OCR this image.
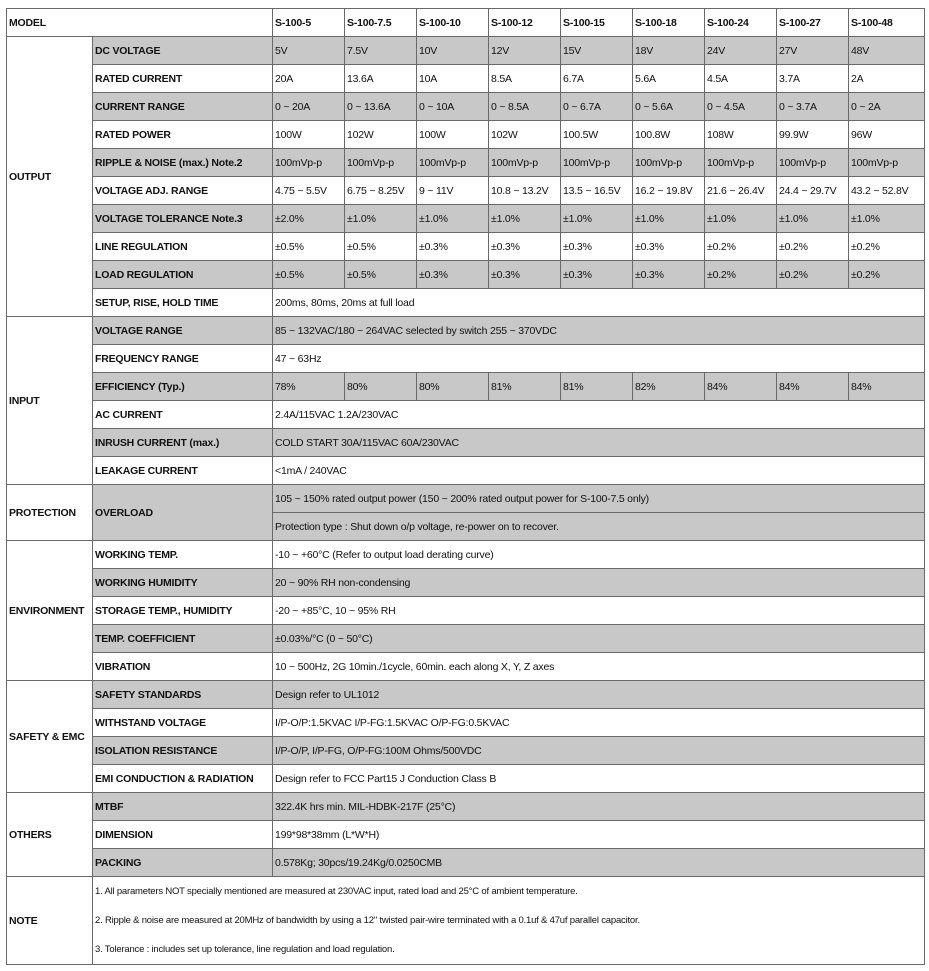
MODEL		S-100-5	S-100-7.5	S-100-10	S-100-12	S-100-15	S-100-18	S-100-24	S-100-27	S-100-48
OUTPUT	DC VOLTAGE	5V	7.5V	10V	12V	15V	18V	24V	27V	48V
	RATED CURRENT	20A	13.6A	10A	8.5A	6.7A	5.6A	4.5A	3.7A	2A
	CURRENT RANGE	0 ~ 20A	0 ~ 13.6A	0 ~ 10A	0 ~ 8.5A	0 ~ 6.7A	0 ~ 5.6A	0 ~ 4.5A	0 ~ 3.7A	0 ~ 2A
	RATED POWER	100W	102W	100W	102W	100.5W	100.8W	108W	99.9W	96W
	RIPPLE & NOISE (max.) Note.2	100mVp-p	100mVp-p	100mVp-p	100mVp-p	100mVp-p	100mVp-p	100mVp-p	100mVp-p	100mVp-p
	VOLTAGE ADJ. RANGE	4.75 ~ 5.5V	6.75 ~ 8.25V	9 ~ 11V	10.8 ~ 13.2V	13.5 ~ 16.5V	16.2 ~ 19.8V	21.6 ~ 26.4V	24.4 ~ 29.7V	43.2 ~ 52.8V
	VOLTAGE TOLERANCE Note.3	±2.0%	±1.0%	±1.0%	±1.0%	±1.0%	±1.0%	±1.0%	±1.0%	±1.0%
	LINE REGULATION	±0.5%	±0.5%	±0.3%	±0.3%	±0.3%	±0.3%	±0.2%	±0.2%	±0.2%
	LOAD REGULATION	±0.5%	±0.5%	±0.3%	±0.3%	±0.3%	±0.3%	±0.2%	±0.2%	±0.2%
	SETUP, RISE, HOLD TIME	200ms, 80ms, 20ms at full load								
INPUT	VOLTAGE RANGE	85 ~ 132VAC/180 ~ 264VAC selected by switch 255 ~ 370VDC								
	FREQUENCY RANGE	47 ~ 63Hz								
	EFFICIENCY (Typ.)	78%	80%	80%	81%	81%	82%	84%	84%	84%
	AC CURRENT	2.4A/115VAC 1.2A/230VAC								
	INRUSH CURRENT (max.)	COLD START 30A/115VAC 60A/230VAC								
	LEAKAGE CURRENT	<1mA / 240VAC								
PROTECTION	OVERLOAD	105 ~ 150% rated output power (150 ~ 200% rated output power for S-100-7.5 only)								
		Protection type : Shut down o/p voltage, re-power on to recover.								
ENVIRONMENT	WORKING TEMP.	-10 ~ +60°C (Refer to output load derating curve)								
	WORKING HUMIDITY	20 ~ 90% RH non-condensing								
	STORAGE TEMP., HUMIDITY	-20 ~ +85°C, 10 ~ 95% RH								
	TEMP. COEFFICIENT	±0.03%/°C (0 ~ 50°C)								
	VIBRATION	10 ~ 500Hz, 2G 10min./1cycle, 60min. each along X, Y, Z axes								
SAFETY & EMC	SAFETY STANDARDS	Design refer to UL1012								
	WITHSTAND VOLTAGE	I/P-O/P:1.5KVAC I/P-FG:1.5KVAC O/P-FG:0.5KVAC								
	ISOLATION RESISTANCE	I/P-O/P, I/P-FG, O/P-FG:100M Ohms/500VDC								
	EMI CONDUCTION & RADIATION	Design refer to FCC Part15 J Conduction Class B								
OTHERS	MTBF	322.4K hrs min. MIL-HDBK-217F (25°C)								
	DIMENSION	199*98*38mm (L*W*H)								
	PACKING	0.578Kg; 30pcs/19.24Kg/0.0250CMB								
NOTE	1. All parameters NOT specially mentioned are measured at 230VAC input, rated load and 25°C of ambient temperature.
2. Ripple & noise are measured at 20MHz of bandwidth by using a 12" twisted pair-wire terminated with a 0.1uf & 47uf parallel capacitor.
3. Tolerance : includes set up tolerance, line regulation and load regulation.									
